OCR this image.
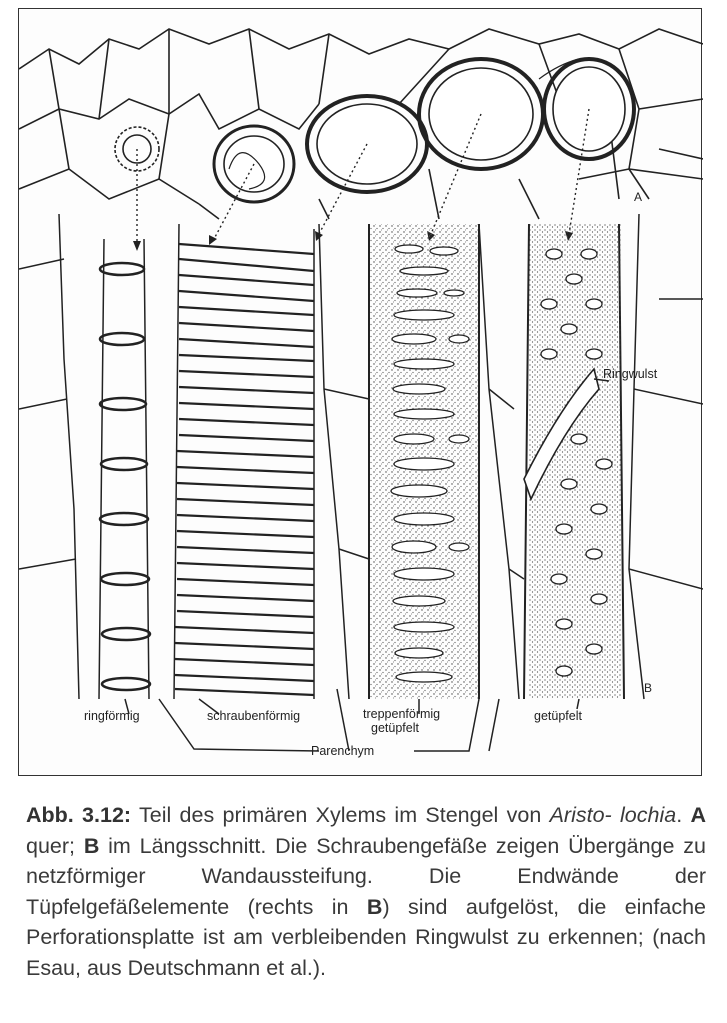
A
B
ringförmig	schraubenförmig	treppenförmig
getüpfelt
getüpfelt
Parenchym
Ringwulst
Abb. 3.12: Teil des primären Xylems im Stengel von Aristo- lochia. A quer; B im Längsschnitt. Die Schraubengefäße zeigen Übergänge zu netzförmiger Wandaussteifung. Die Endwände der Tüpfelgefäßelemente (rechts in B) sind aufgelöst, die einfache Perforationsplatte ist am verbleibenden Ringwulst zu erkennen; (nach Esau, aus Deutschmann et al.).
